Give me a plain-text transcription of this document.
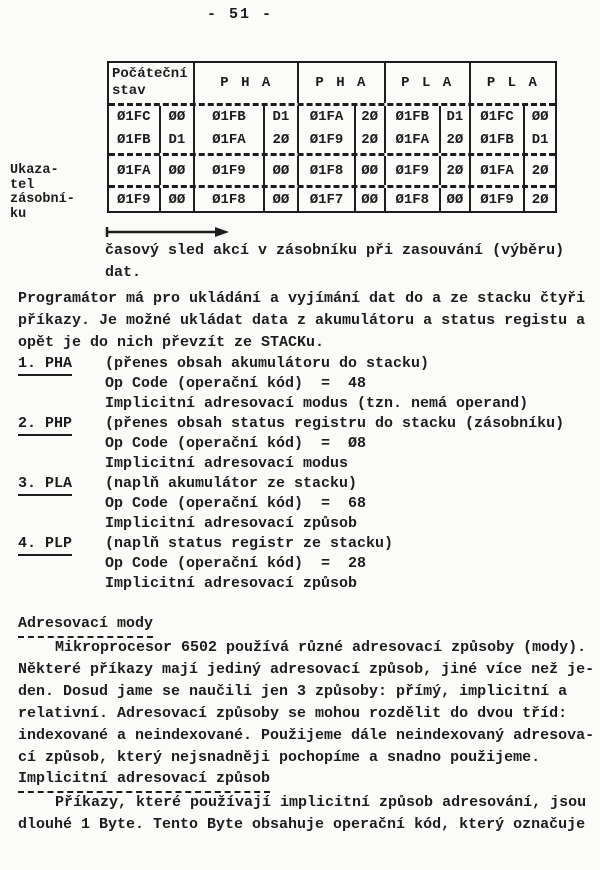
- 51 -
Počáteční stav	P H A	P H A	P L A	P L A
Ø1FC	ØØ	Ø1FB	D1	Ø1FA	2Ø	Ø1FB	D1	Ø1FC	ØØ
Ø1FB	D1	Ø1FA	2Ø	Ø1F9	2Ø	Ø1FA	2Ø	Ø1FB	D1
Ø1FA	ØØ	Ø1F9	ØØ	Ø1F8	ØØ	Ø1F9	2Ø	Ø1FA	2Ø
Ø1F9	ØØ	Ø1F8	ØØ	Ø1F7	ØØ	Ø1F8	ØØ	Ø1F9	2Ø
Ukaza-
tel
zásobní-
ku
časový sled akcí v zásobníku při zasouvání (výběru)
dat.
Programátor má pro ukládání a vyjímání dat do a ze stacku čtyři
příkazy. Je možné ukládat data z akumulátoru a status registu a
opět je do nich převzít ze STACKu.
1. PHA	(přenes obsah akumulátoru do stacku)
Op Code (operační kód)  =  48
Implicitní adresovací modus (tzn. nemá operand)
2. PHP	(přenes obsah status registru do stacku (zásobníku)
Op Code (operační kód)  =  Ø8
Implicitní adresovací modus
3. PLA	(naplň akumulátor ze stacku)
Op Code (operační kód)  =  68
Implicitní adresovací způsob
4. PLP	(naplň status registr ze stacku)
Op Code (operační kód)  =  28
Implicitní adresovací způsob
Adresovací mody
Mikroprocesor 6502 používá různé adresovací způsoby (mody).
Některé příkazy mají jediný adresovací způsob, jiné více než je-
den. Dosud jame se naučili jen 3 způsoby: přímý, implicitní a
relativní. Adresovací způsoby se mohou rozdělit do dvou tříd:
indexované a neindexované. Použijeme dále neindexovaný adresova-
cí způsob, který nejsnadněji pochopíme a snadno použijeme.
Implicitní adresovací způsob
Příkazy, které používají implicitní způsob adresování, jsou
dlouhé 1 Byte. Tento Byte obsahuje operační kód, který označuje
